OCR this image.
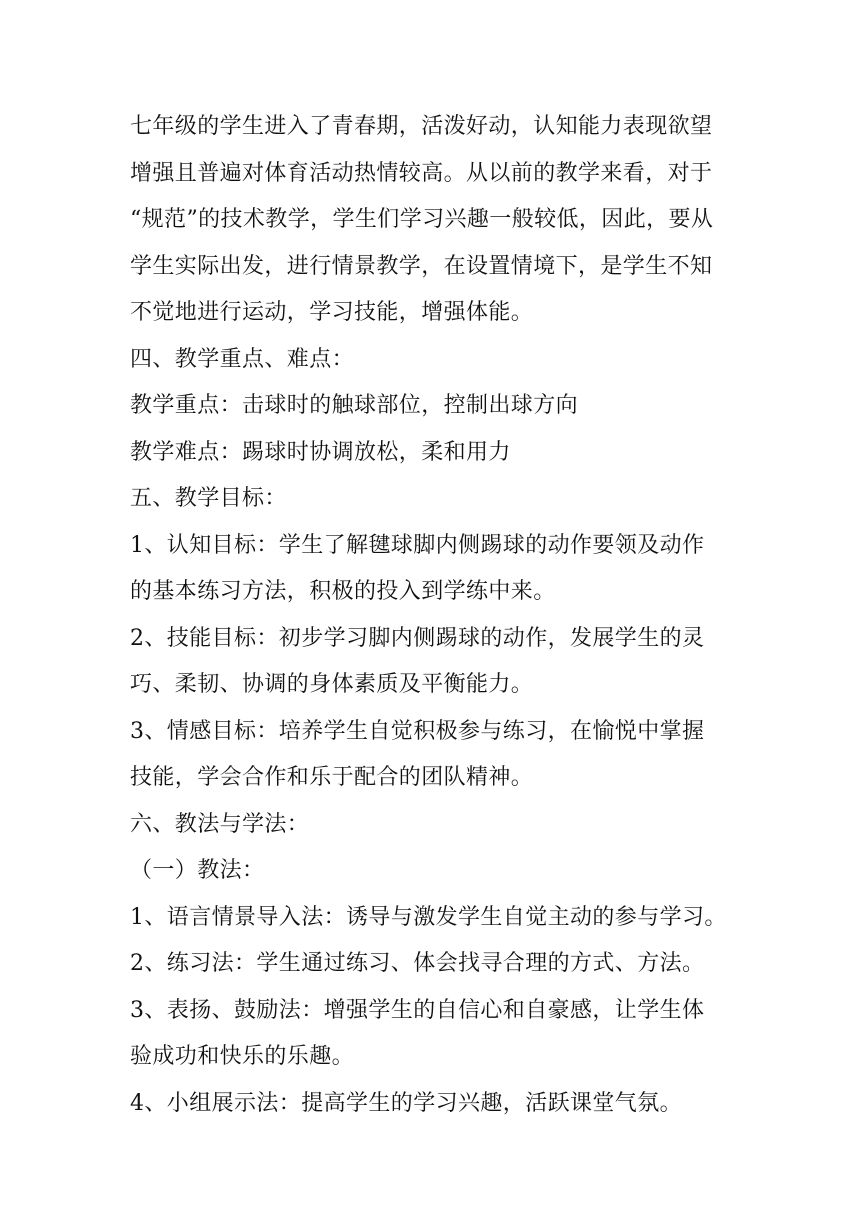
七年级的学生进入了青春期，活泼好动，认知能力表现欲望
增强且普遍对体育活动热情较高。从以前的教学来看，对于
“规范”的技术教学，学生们学习兴趣一般较低，因此，要从
学生实际出发，进行情景教学，在设置情境下，是学生不知
不觉地进行运动，学习技能，增强体能。
四、教学重点、难点：
教学重点：击球时的触球部位，控制出球方向
教学难点：踢球时协调放松，柔和用力
五、教学目标：
1、认知目标：学生了解毽球脚内侧踢球的动作要领及动作
的基本练习方法，积极的投入到学练中来。
2、技能目标：初步学习脚内侧踢球的动作，发展学生的灵
巧、柔韧、协调的身体素质及平衡能力。
3、情感目标：培养学生自觉积极参与练习，在愉悦中掌握
技能，学会合作和乐于配合的团队精神。
六、教法与学法：
（一）教法：
1、语言情景导入法：诱导与激发学生自觉主动的参与学习。
2、练习法：学生通过练习、体会找寻合理的方式、方法。
3、表扬、鼓励法：增强学生的自信心和自豪感，让学生体
验成功和快乐的乐趣。
4、小组展示法：提高学生的学习兴趣，活跃课堂气氛。
